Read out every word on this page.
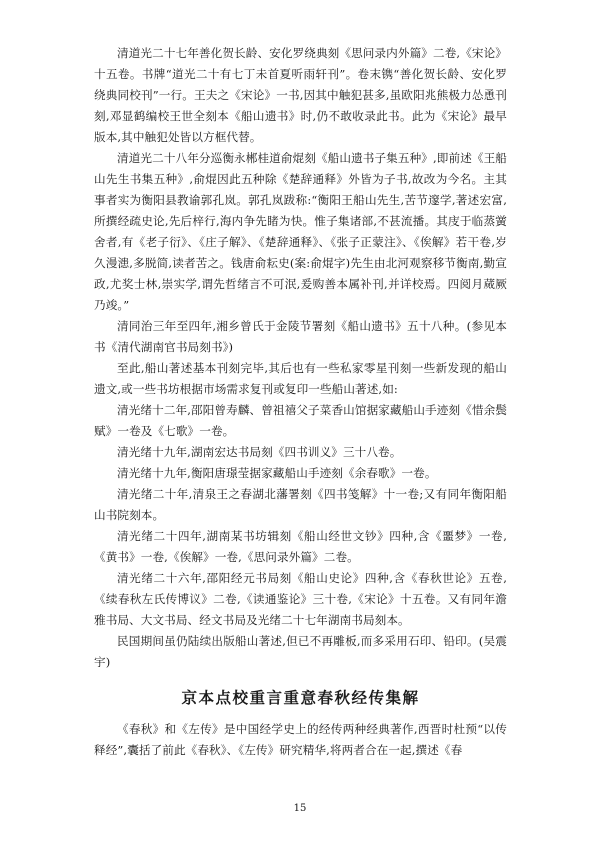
清道光二十七年善化贺长龄、安化罗绕典刻《思问录内外篇》二卷,《宋论》十五卷。书牌“道光二十有七丁未首夏听雨轩刊”。卷末镌“善化贺长龄、安化罗绕典同校刊”一行。王夫之《宋论》一书,因其中触犯甚多,虽欧阳兆熊极力怂恿刊刻,邓显鹤编校王世全刻本《船山遗书》时,仍不敢收录此书。此为《宋论》最早版本,其中触犯处皆以方框代替。

清道光二十八年分巡衡永郴桂道俞焜刻《船山遗书子集五种》,即前述《王船山先生书集五种》,俞焜因此五种除《楚辞通释》外皆为子书,故改为今名。主其事者实为衡阳县教谕郭孔岚。郭孔岚跋称:“衡阳王船山先生,苦节邃学,著述宏富,所撰经疏史论,先后梓行,海内争先睹为快。惟子集诸部,不甚流播。其庋于临蒸黉舍者,有《老子衍》、《庄子解》、《楚辞通释》、《张子正蒙注》、《俟解》若干卷,岁久漫漶,多脱简,读者苦之。钱唐俞耘史(案:俞焜字)先生由北河观察移节衡南,勤宣政,尤奖士林,崇实学,谓先哲绪言不可泯,爰购善本属补刊,并详校焉。四阅月蒇厥乃竣。”

清同治三年至四年,湘乡曾氏于金陵节署刻《船山遗书》五十八种。(参见本书《清代湖南官书局刻书》)

至此,船山著述基本刊刻完毕,其后也有一些私家零星刊刻一些新发现的船山遗文,或一些书坊根据市场需求复刊或复印一些船山著述,如:

清光绪十二年,邵阳曾寿麟、曾祖禧父子菜香山馆据家藏船山手迹刻《惜余鬓赋》一卷及《七歌》一卷。

清光绪十九年,湖南宏达书局刻《四书训义》三十八卷。

清光绪十九年,衡阳唐璟莹据家藏船山手迹刻《余春歌》一卷。

清光绪二十年,清泉王之春湖北藩署刻《四书笺解》十一卷;又有同年衡阳船山书院刻本。

清光绪二十四年,湖南某书坊辑刻《船山经世文钞》四种,含《噩梦》一卷,《黄书》一卷,《俟解》一卷,《思问录外篇》二卷。

清光绪二十六年,邵阳经元书局刻《船山史论》四种,含《春秋世论》五卷,《续春秋左氏传博议》二卷,《读通鉴论》三十卷,《宋论》十五卷。又有同年澹雅书局、大文书局、经文书局及光绪二十七年湖南书局刻本。

民国期间虽仍陆续出版船山著述,但已不再雕板,而多采用石印、铅印。(吴震宇)

京本点校重言重意春秋经传集解

《春秋》和《左传》是中国经学史上的经传两种经典著作,西晋时杜预“以传释经”,囊括了前此《春秋》、《左传》研究精华,将两者合在一起,撰述《春

15
